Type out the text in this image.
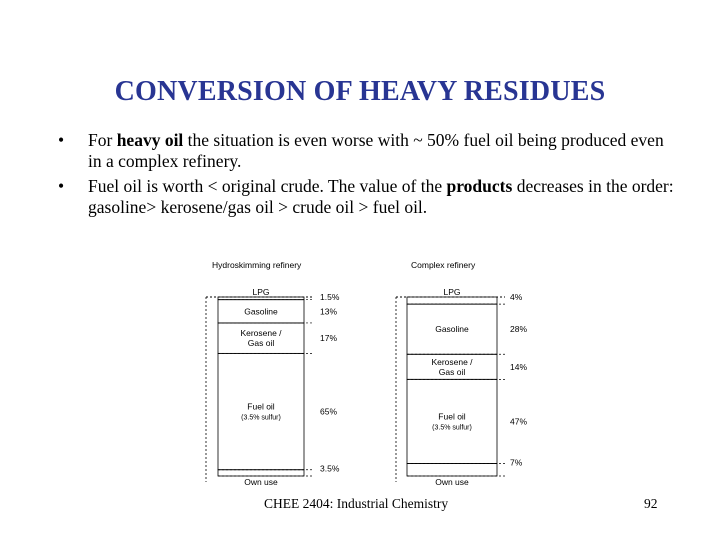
CONVERSION OF HEAVY RESIDUES
• For heavy oil the situation is even worse with ~ 50% fuel oil being produced even in a complex refinery.
• Fuel oil is worth < original crude. The value of the products decreases in the order: gasoline> kerosene/gas oil > crude oil > fuel oil.
Hydroskimming refinery
LPG	1.5%
Gasoline	13%
Kerosene / Gas oil	17%
Fuel oil (3.5% sulfur)
65%
Own use
3.5%
Complex refinery
LPG	4%
Gasoline	28%
Kerosene / Gas oil	14%
Fuel oil (3.5% sulfur)
47%
Own use
7%
CHEE 2404: Industrial Chemistry	92
